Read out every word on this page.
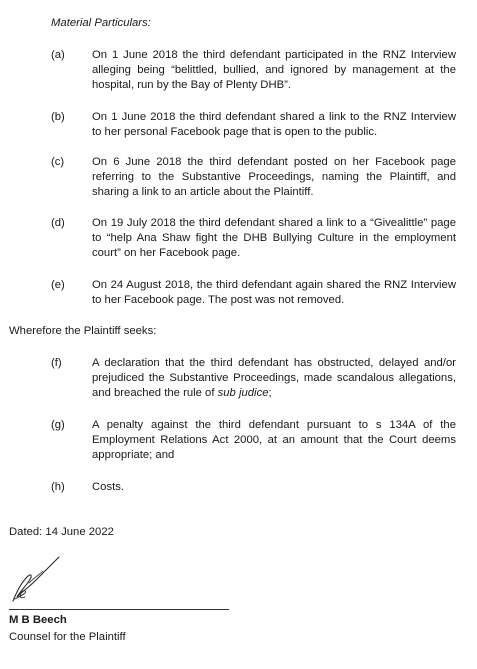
Material Particulars:
(a) On 1 June 2018 the third defendant participated in the RNZ Interview
alleging being “belittled, bullied, and ignored by management at the
hospital, run by the Bay of Plenty DHB”.
(b) On 1 June 2018 the third defendant shared a link to the RNZ Interview
to her personal Facebook page that is open to the public.
(c) On 6 June 2018 the third defendant posted on her Facebook page
referring to the Substantive Proceedings, naming the Plaintiff, and
sharing a link to an article about the Plaintiff.
(d) On 19 July 2018 the third defendant shared a link to a “Givealittle” page
to “help Ana Shaw fight the DHB Bullying Culture in the employment
court” on her Facebook page.
(e) On 24 August 2018, the third defendant again shared the RNZ Interview
to her Facebook page. The post was not removed.
Wherefore the Plaintiff seeks:
(f)	A declaration that the third defendant has obstructed, delayed and/or
prejudiced the Substantive Proceedings, made scandalous allegations,
and breached the rule of sub judice;
(g) A penalty against the third defendant pursuant to s 134A of the
Employment Relations Act 2000, at an amount that the Court deems
appropriate; and
(h) Costs.
Dated: 14 June 2022
M B Beech
Counsel for the Plaintiff
